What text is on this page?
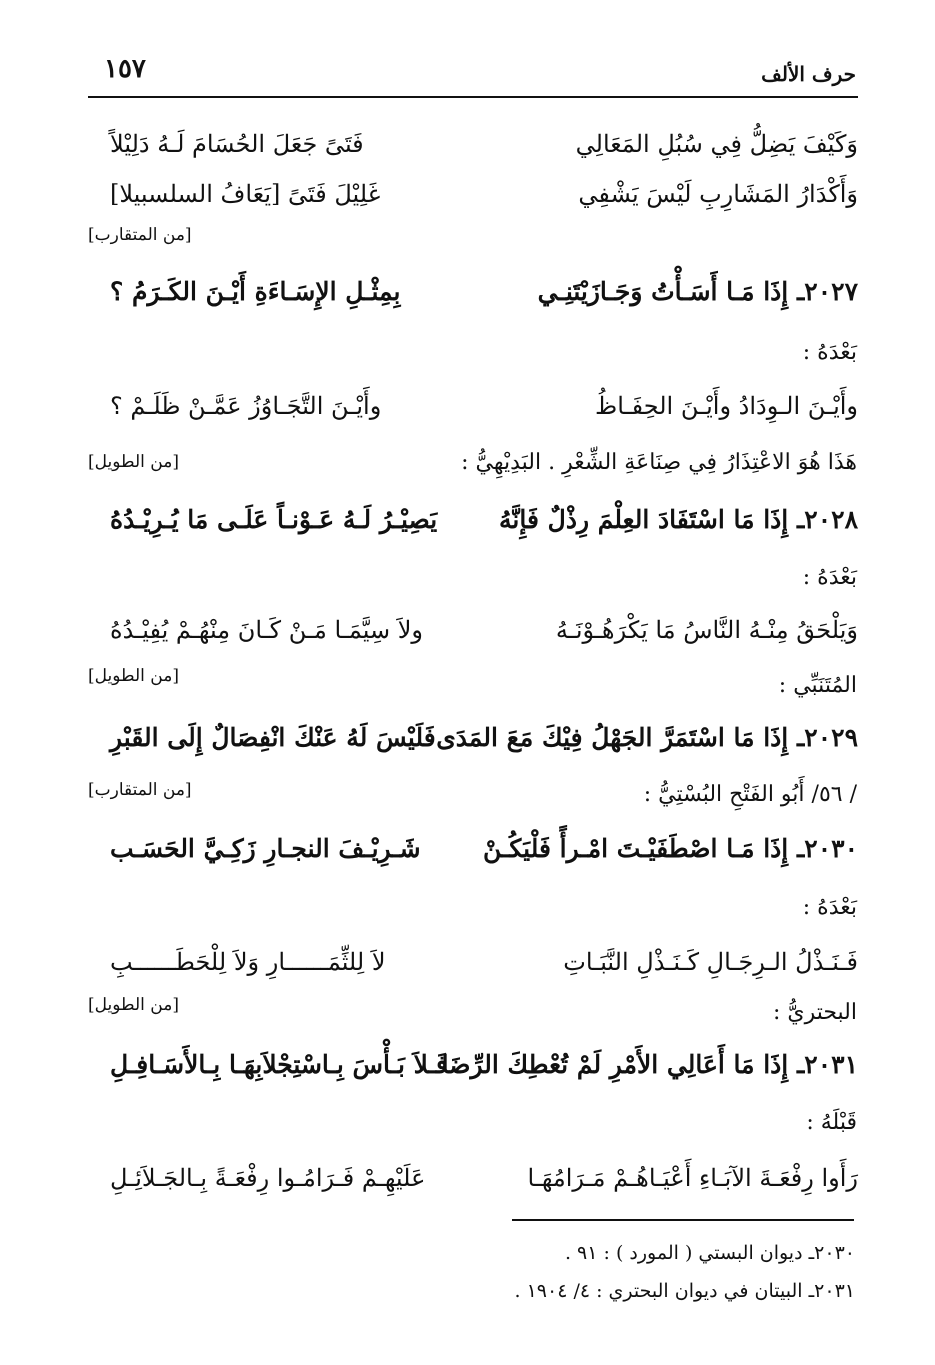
١٥٧	حرف الألف
وَكَيْفَ يَضِلُّ فِي سُبُلِ المَعَالِي
فَتَىً جَعَلَ الحُسَامَ لَـهُ دَلِيْلاً
وَأَكْدَارُ المَشَارِبِ لَيْسَ يَشْفِي
غَلِيْلَ فَتَىً [يَعَافُ السلسبيلا]
[من المتقارب]
٢٠٢٧ـ إِذَا مَـا أَسَـأْتُ وَجَـازَيْتَنِـي
بِمِثْـلِ الإِسَـاءَةِ أَيْـنَ الكَـرَمُ ؟
بَعْدَهُ :
وأَيْـنَ الـوِدَادُ وأَيْـنَ الحِفَـاظُ
وأَيْـنَ التَّجَـاوُزُ عَمَّـنْ ظَلَـمْ ؟
هَذَا هُوَ الاعْتِذَارُ فِي صِنَاعَةِ الشِّعْرِ . البَدِيْهِيُّ :
[من الطويل]
٢٠٢٨ـ إِذَا مَا اسْتَفَادَ العِلْمَ رِذْلٌ فَإِنَّهُ
يَصِيْـرُ لَـهُ عَـوْنـاً عَلَـى مَا يُـرِيْـدُهُ
بَعْدَهُ :
وَيَلْحَقُ مِنْـهُ النَّاسُ مَا يَكْرَهُـوْنَـهُ
ولاَ سِيَّمَـا مَـنْ كَـانَ مِنْهُـمْ يُفِيْـدُهُ
المُتَنَبِّي :
[من الطويل]
٢٠٢٩ـ إِذَا مَا اسْتَمَرَّ الجَهْلُ فِيْكَ مَعَ المَدَى
فَلَيْسَ لَهُ عَنْكَ انْفِصَالٌ إِلَى القَبْرِ
/ ٥٦/ أَبُو الفَتْحِ البُسْتِيُّ :
[من المتقارب]
٢٠٣٠ـ إِذَا مَـا اصْطَفَيْـتَ امْـرأً فَلْيَكُـنْ
شَـرِيْـفَ النجـارِ زَكِـيَّ الحَسَـب
بَعْدَهُ :
فَـنَـذْلُ الـرِجَـالِ كَـنَـذْلِ النَّبَـاتِ
لاَ لِلثِّمَــــــارِ وَلاَ لِلْحَطَــــــبِ
البحتريُّ :
[من الطويل]
٢٠٣١ـ إِذَا مَا أَعَالِي الأَمْرِ لَمْ تُعْطِكَ الرِّضَا
فَـلاَ بَـأْسَ بِـاسْتِجْلاَبِهَـا بِـالأَسَـافِـلِ
قَبْلَهُ :
رَأَوا رِفْعَـةَ الآبَـاءِ أَعْيَـاهُـمْ مَـرَامُهَـا
عَلَيْهِـمْ فَـرَامُـوا رِفْعَـةً بِـالجَـلاَئِـلِ
٢٠٣٠ـ ديوان البستي ( المورد ) : ٩١ .
٢٠٣١ـ البيتان في ديوان البحتري : ٤/ ١٩٠٤ .
